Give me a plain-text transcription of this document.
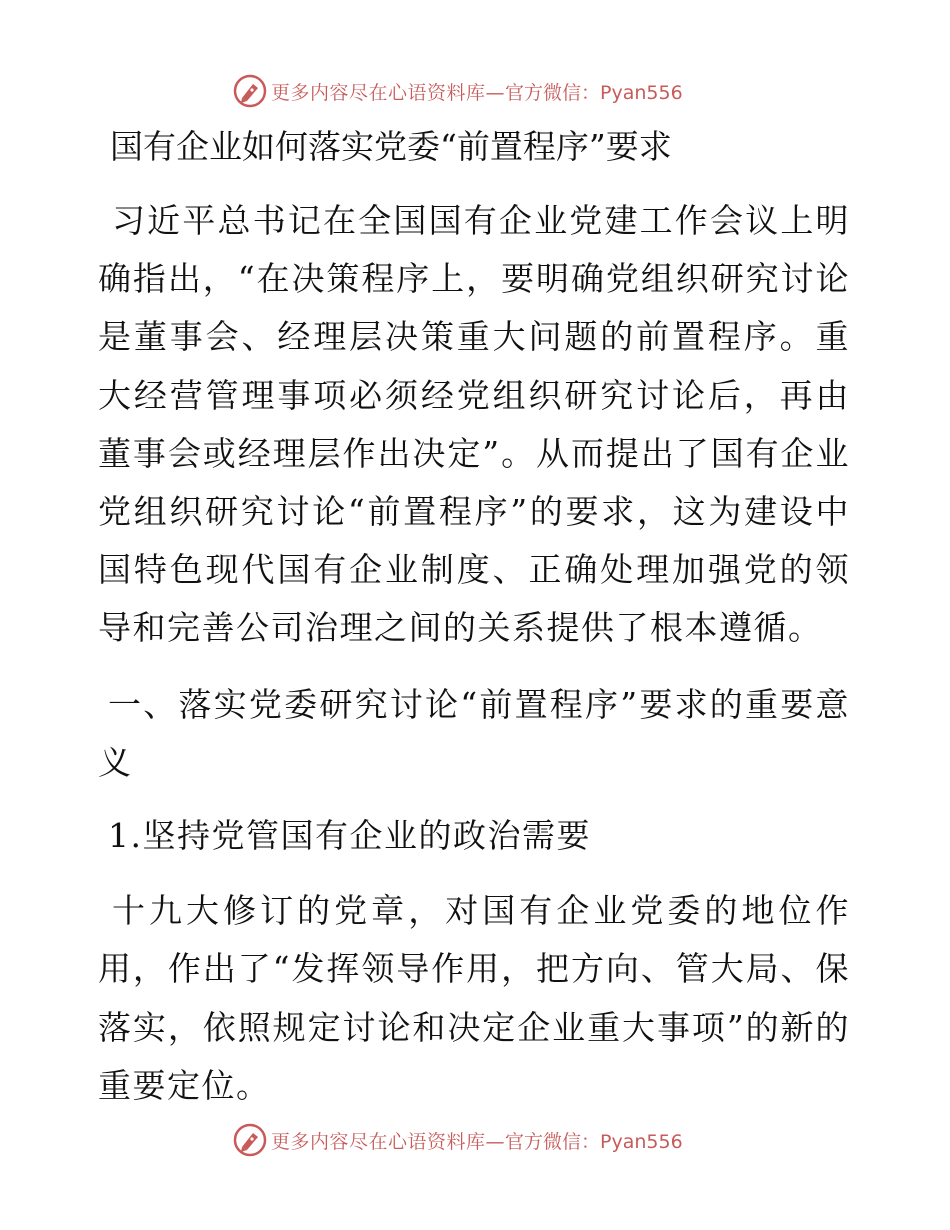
更多内容尽在心语资料库— 官方微信：Pyan556
国有企业如何落实党委“前置程序”要求

习近平总书记在全国国有企业党建工作会议上明确指出，“在决策程序上，要明确党组织研究讨论是董事会、经理层决策重大问题的前置程序。重大经营管理事项必须经党组织研究讨论后，再由董事会或经理层作出决定”。从而提出了国有企业党组织研究讨论“前置程序”的要求，这为建设中国特色现代国有企业制度、正确处理加强党的领导和完善公司治理之间的关系提供了根本遵循。

一、落实党委研究讨论“前置程序”要求的重要意义

1.坚持党管国有企业的政治需要

十九大修订的党章，对国有企业党委的地位作用，作出了“发挥领导作用，把方向、管大局、保落实，依照规定讨论和决定企业重大事项”的新的重要定位。

更多内容尽在心语资料库— 官方微信：Pyan556
